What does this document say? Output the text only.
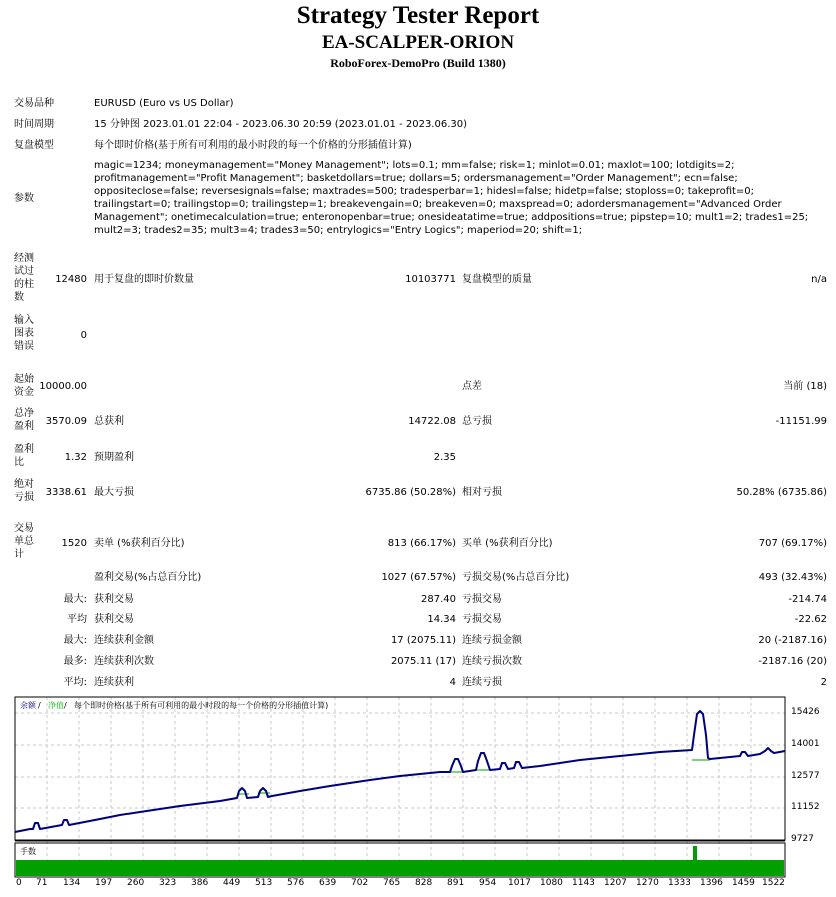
Strategy Tester Report
EA-SCALPER-ORION
RoboForex-DemoPro (Build 1380)
交易品种	EURUSD (Euro vs US Dollar)
时间周期	15 分钟图 2023.01.01 22:04 - 2023.06.30 20:59 (2023.01.01 - 2023.06.30)
复盘模型	每个即时价格(基于所有可利用的最小时段的每一个价格的分形插值计算)
参数
magic=1234; moneymanagement="Money Management"; lots=0.1; mm=false; risk=1; minlot=0.01; maxlot=100; lotdigits=2; profitmanagement="Profit Management"; basketdollars=true; dollars=5; ordersmanagement="Order Management"; ecn=false; oppositeclose=false; reversesignals=false; maxtrades=500; tradesperbar=1; hidesl=false; hidetp=false; stoploss=0; takeprofit=0; trailingstart=0; trailingstop=0; trailingstep=1; breakevengain=0; breakeven=0; maxspread=0; adordersmanagement="Advanced Order Management"; onetimecalculation=true; enteronopenbar=true; onesideatatime=true; addpositions=true; pipstep=10; mult1=2; trades1=25; mult2=3; trades2=35; mult3=4; trades3=50; entrylogics="Entry Logics"; maperiod=20; shift=1;
经测
试过
的柱
数
12480 用于复盘的即时价数量	10103771 复盘模型的质量	n/a
输入
图表
错误
0
起始
资金
10000.00	点差	当前 (18)
总净
盈利	3570.09 总获利	14722.08 总亏损	-11151.99
盈利
比	1.32 预期盈利	2.35
绝对
亏损	3338.61 最大亏损	6735.86 (50.28%) 相对亏损	50.28% (6735.86)
交易
单总
计
1520 卖单 (%获利百分比)	813 (66.17%) 买单 (%获利百分比)	707 (69.17%)
盈利交易(%占总百分比)	1027 (67.57%) 亏损交易(%占总百分比)	493 (32.43%)
最大: 获利交易	287.40 亏损交易	-214.74
平均 获利交易	14.34 亏损交易	-22.62
最大: 连续获利金额	17 (2075.11) 连续亏损金额	20 (-2187.16)
最多: 连续获利次数	2075.11 (17) 连续亏损次数	-2187.16 (20)
平均: 连续获利	4 连续亏损	2
余额 / 净值 / 每个即时价格(基于所有可利用的最小时段的每一个价格的分形插值计算)
手数
15426
14001
12577
11152
9727
0 71 134 197 260 323 386 449 513 576 639 702 765 828 891 954 1017 1080 1143 1207 1270 1333 1396 1459 1522
